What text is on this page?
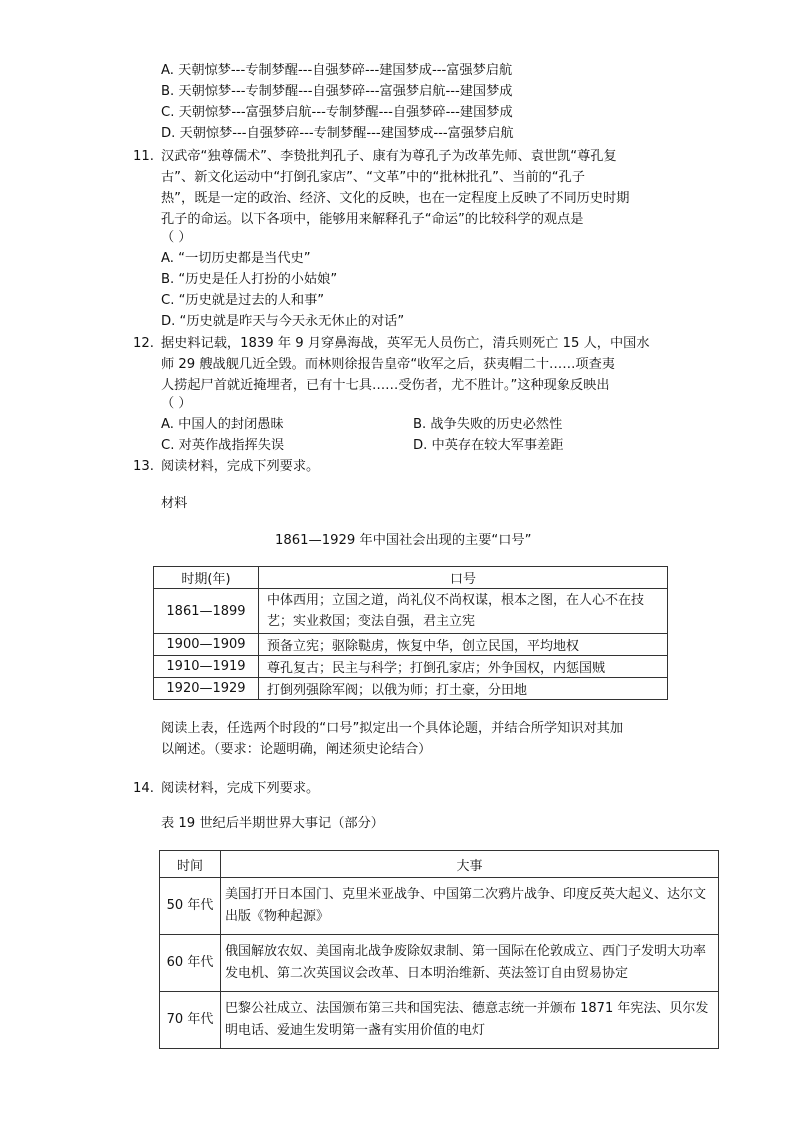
A. 天朝惊梦---专制梦醒---自强梦碎---建国梦成---富强梦启航
B. 天朝惊梦---专制梦醒---自强梦碎---富强梦启航---建国梦成
C. 天朝惊梦---富强梦启航---专制梦醒---自强梦碎---建国梦成
D. 天朝惊梦---自强梦碎---专制梦醒---建国梦成---富强梦启航
11. 汉武帝“独尊儒术”、李贽批判孔子、康有为尊孔子为改革先师、袁世凯“尊孔复
古”、新文化运动中“打倒孔家店”、“文革”中的“批林批孔”、当前的“孔子
热”，既是一定的政治、经济、文化的反映，也在一定程度上反映了不同历史时期
孔子的命运。以下各项中，能够用来解释孔子“命运”的比较科学的观点是
（ ）
A. “一切历史都是当代史”
B. “历史是任人打扮的小姑娘”
C. “历史就是过去的人和事”
D. “历史就是昨天与今天永无休止的对话”
12. 据史料记载，1839 年 9 月穿鼻海战，英军无人员伤亡，清兵则死亡 15 人，中国水
师 29 艘战舰几近全毁。而林则徐报告皇帝“收军之后，获夷帽二十……项查夷
人捞起尸首就近掩埋者，已有十七具……受伤者，尤不胜计。”这种现象反映出
（ ）
A. 中国人的封闭愚昧	B. 战争失败的历史必然性
C. 对英作战指挥失误	D. 中英存在较大军事差距
13. 阅读材料，完成下列要求。
材料
1861—1929 年中国社会出现的主要“口号”
时期(年)	口号
1861—1899	中体西用；立国之道，尚礼仪不尚权谋，根本之图，在人心不在技艺；实业救国；变法自强，君主立宪
1900—1909	预备立宪；驱除鞑虏，恢复中华，创立民国，平均地权
1910—1919	尊孔复古；民主与科学；打倒孔家店；外争国权，内惩国贼
1920—1929	打倒列强除军阀；以俄为师；打土豪，分田地
阅读上表，任选两个时段的“口号”拟定出一个具体论题，并结合所学知识对其加
以阐述。（要求：论题明确，阐述须史论结合）
14. 阅读材料，完成下列要求。
表 19 世纪后半期世界大事记（部分）
时间	大事
50 年代	美国打开日本国门、克里米亚战争、中国第二次鸦片战争、印度反英大起义、达尔文出版《物种起源》
60 年代	俄国解放农奴、美国南北战争废除奴隶制、第一国际在伦敦成立、西门子发明大功率发电机、第二次英国议会改革、日本明治维新、英法签订自由贸易协定
70 年代	巴黎公社成立、法国颁布第三共和国宪法、德意志统一并颁布 1871 年宪法、贝尔发明电话、爱迪生发明第一盏有实用价值的电灯
